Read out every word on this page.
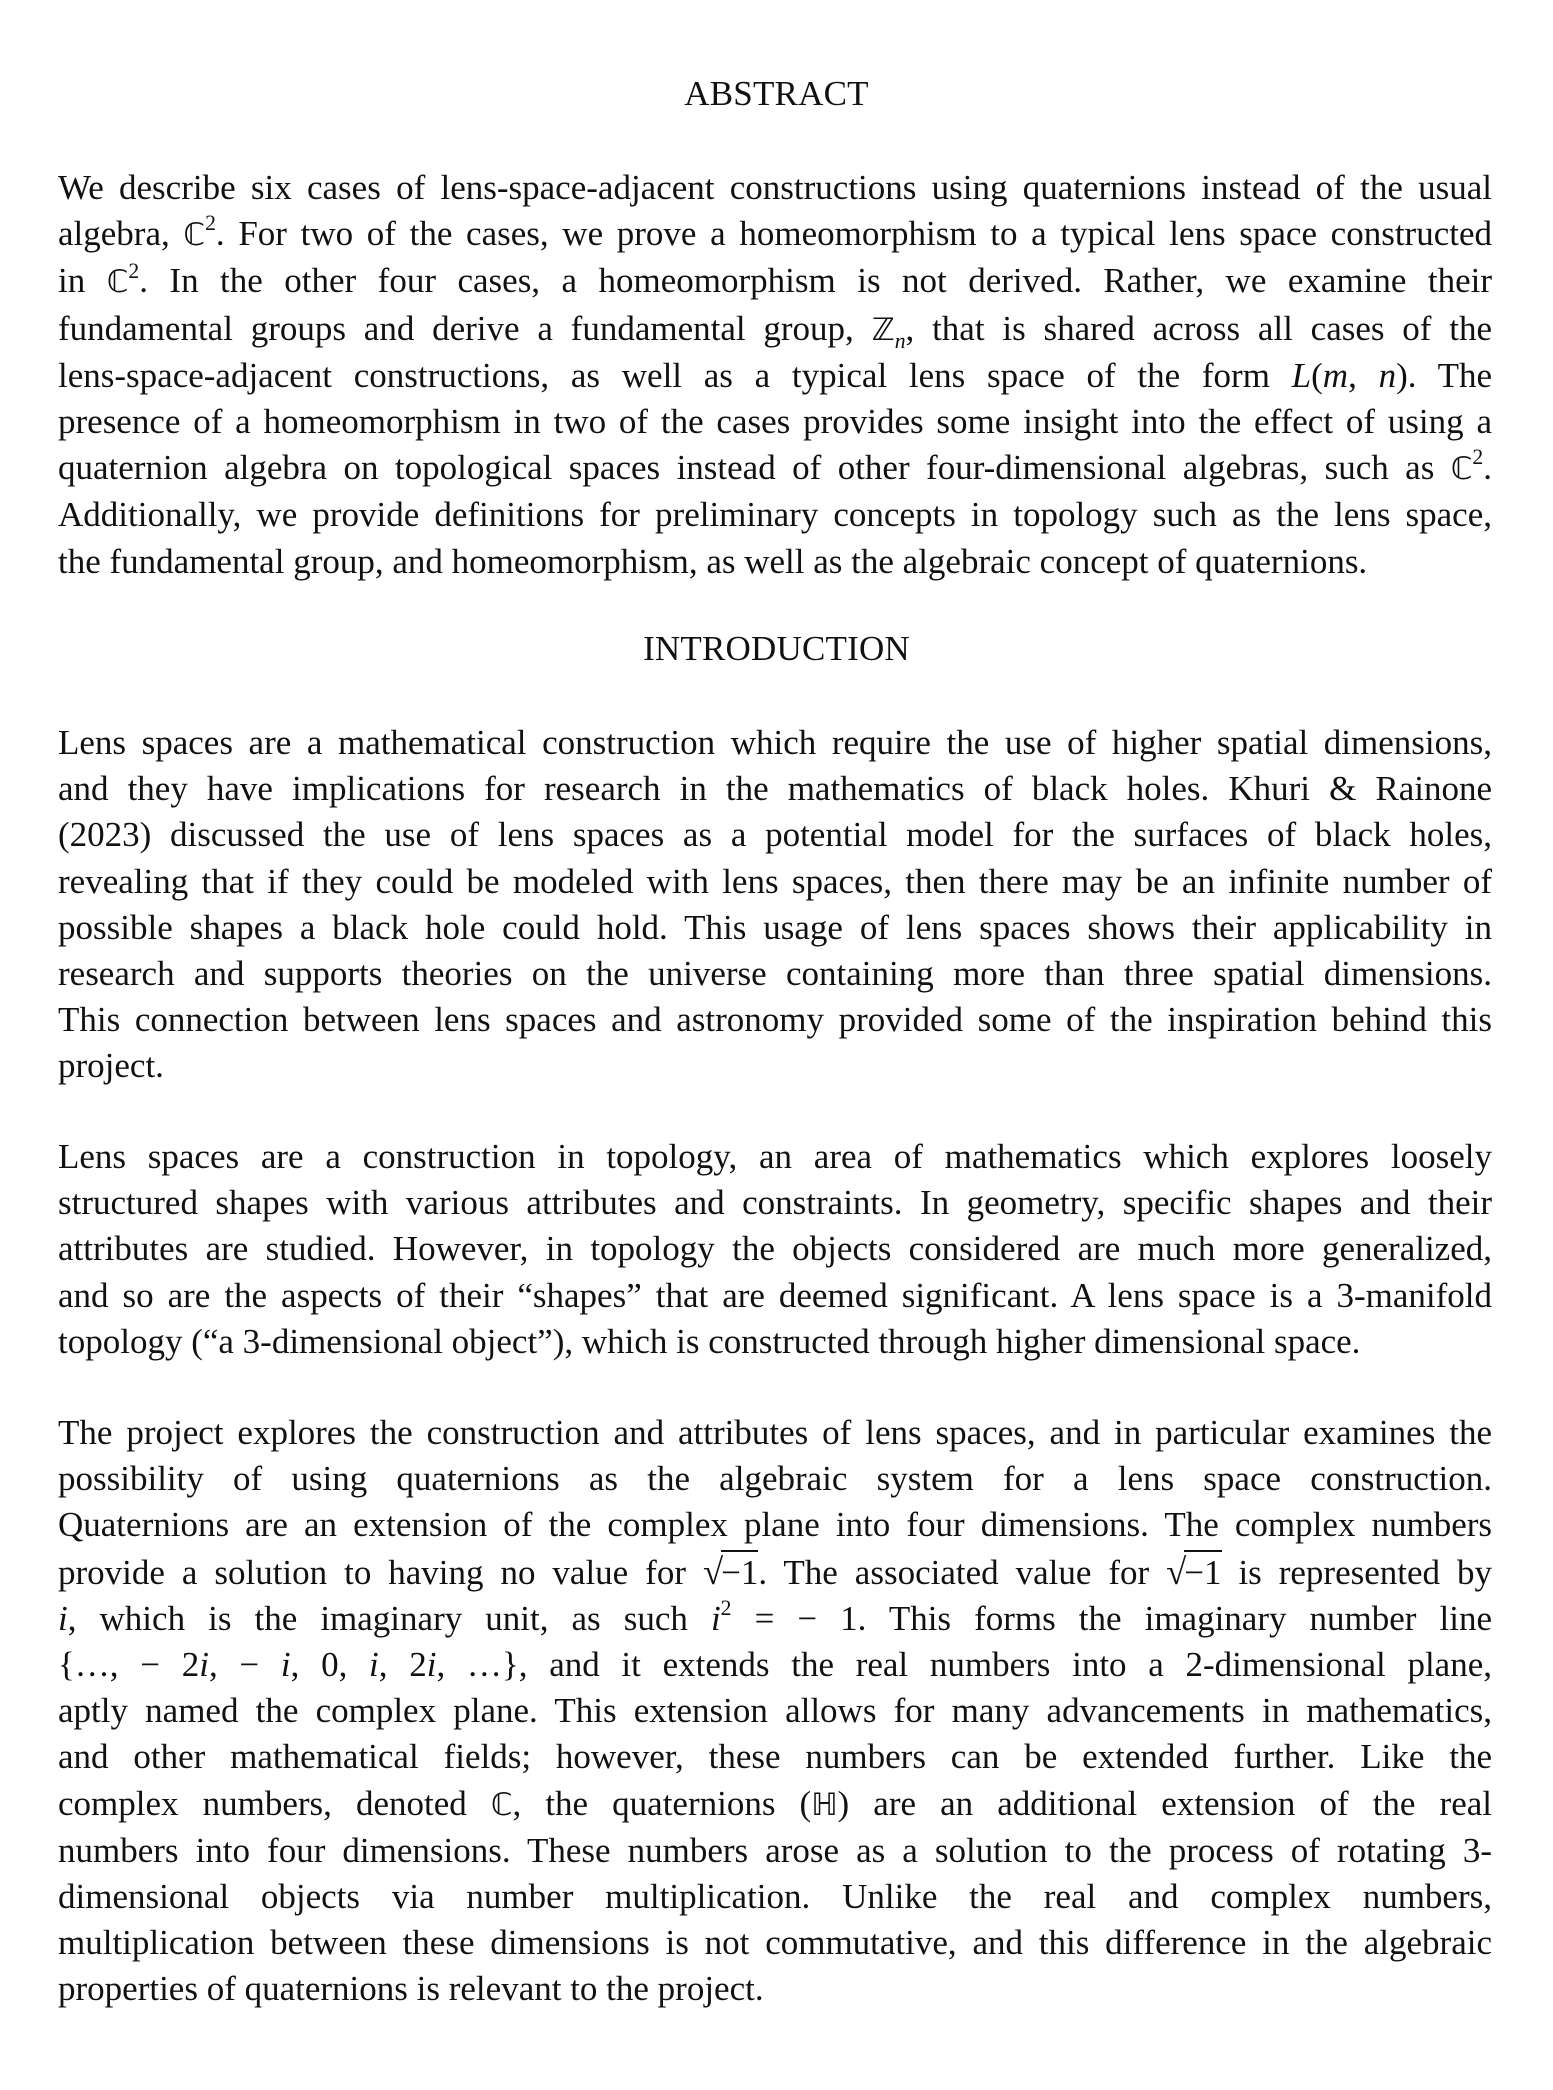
ABSTRACT
We describe six cases of lens-space-adjacent constructions using quaternions instead of the usual
algebra, ℂ$^2$. For two of the cases, we prove a homeomorphism to a typical lens space constructed
in ℂ$^2$. In the other four cases, a homeomorphism is not derived. Rather, we examine their
fundamental groups and derive a fundamental group, ℤ$_n$, that is shared across all cases of the
lens-space-adjacent constructions, as well as a typical lens space of the form L(m, n). The
presence of a homeomorphism in two of the cases provides some insight into the effect of using a
quaternion algebra on topological spaces instead of other four-dimensional algebras, such as ℂ$^2$.
Additionally, we provide definitions for preliminary concepts in topology such as the lens space,
the fundamental group, and homeomorphism, as well as the algebraic concept of quaternions.
INTRODUCTION
Lens spaces are a mathematical construction which require the use of higher spatial dimensions,
and they have implications for research in the mathematics of black holes. Khuri & Rainone
(2023) discussed the use of lens spaces as a potential model for the surfaces of black holes,
revealing that if they could be modeled with lens spaces, then there may be an infinite number of
possible shapes a black hole could hold. This usage of lens spaces shows their applicability in
research and supports theories on the universe containing more than three spatial dimensions.
This connection between lens spaces and astronomy provided some of the inspiration behind this
project.
Lens spaces are a construction in topology, an area of mathematics which explores loosely
structured shapes with various attributes and constraints. In geometry, specific shapes and their
attributes are studied. However, in topology the objects considered are much more generalized,
and so are the aspects of their “shapes” that are deemed significant. A lens space is a 3-manifold
topology (“a 3-dimensional object”), which is constructed through higher dimensional space.
The project explores the construction and attributes of lens spaces, and in particular examines the
possibility of using quaternions as the algebraic system for a lens space construction.
Quaternions are an extension of the complex plane into four dimensions. The complex numbers
provide a solution to having no value for √−1. The associated value for √−1 is represented by
i, which is the imaginary unit, as such $i^2$ = − 1. This forms the imaginary number line
{…, − 2i, − i, 0, i, 2i, …}, and it extends the real numbers into a 2-dimensional plane,
aptly named the complex plane. This extension allows for many advancements in mathematics,
and other mathematical fields; however, these numbers can be extended further. Like the
complex numbers, denoted ℂ, the quaternions (ℍ) are an additional extension of the real
numbers into four dimensions. These numbers arose as a solution to the process of rotating 3-
dimensional objects via number multiplication. Unlike the real and complex numbers,
multiplication between these dimensions is not commutative, and this difference in the algebraic
properties of quaternions is relevant to the project.
